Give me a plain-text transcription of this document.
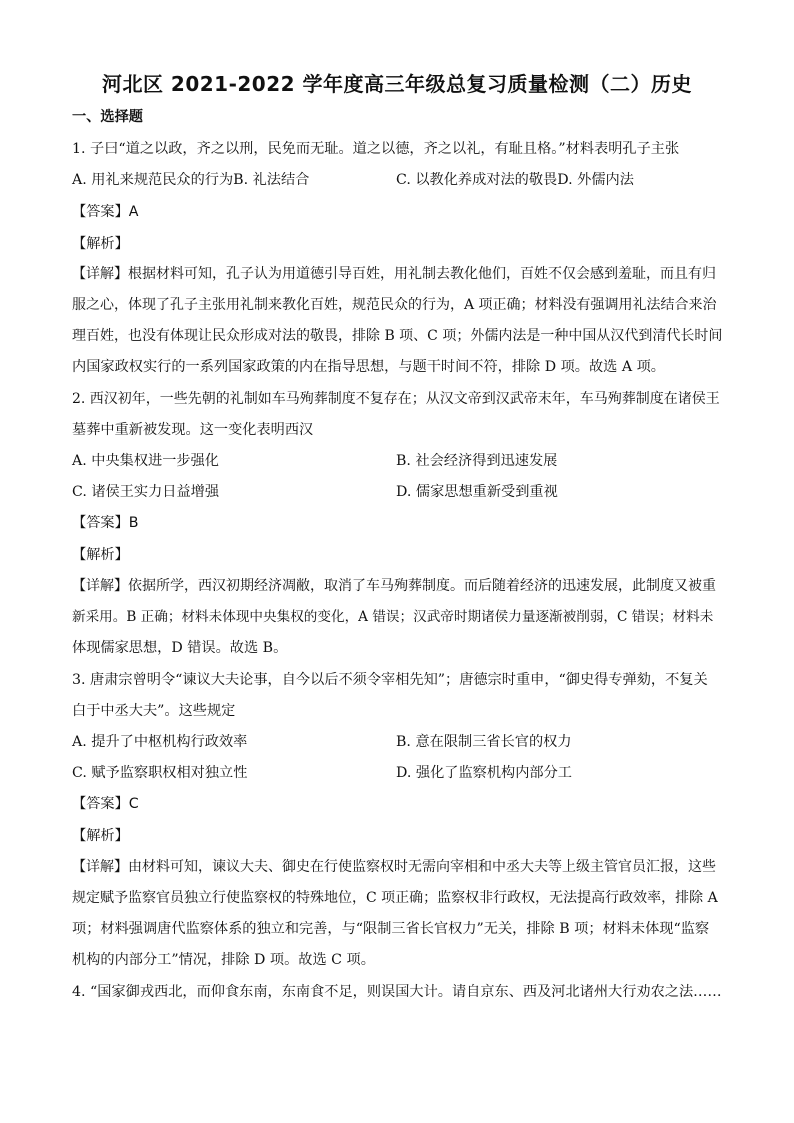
河北区 2021-2022 学年度高三年级总复习质量检测（二）历史
一、选择题
1. 子曰“道之以政，齐之以刑，民免而无耻。道之以德，齐之以礼，有耻且格。”材料表明孔子主张
A. 用礼来规范民众的行为B. 礼法结合	C. 以教化养成对法的敬畏D. 外儒内法
【答案】A
【解析】
【详解】根据材料可知，孔子认为用道德引导百姓，用礼制去教化他们，百姓不仅会感到羞耻，而且有归
服之心，体现了孔子主张用礼制来教化百姓，规范民众的行为，A 项正确；材料没有强调用礼法结合来治
理百姓，也没有体现让民众形成对法的敬畏，排除 B 项、C 项；外儒内法是一种中国从汉代到清代长时间
内国家政权实行的一系列国家政策的内在指导思想，与题干时间不符，排除 D 项。故选 A 项。
2. 西汉初年，一些先朝的礼制如车马殉葬制度不复存在；从汉文帝到汉武帝末年，车马殉葬制度在诸侯王
墓葬中重新被发现。这一变化表明西汉
A. 中央集权进一步强化	B. 社会经济得到迅速发展
C. 诸侯王实力日益增强	D. 儒家思想重新受到重视
【答案】B
【解析】
【详解】依据所学，西汉初期经济凋敝，取消了车马殉葬制度。而后随着经济的迅速发展，此制度又被重
新采用。B 正确；材料未体现中央集权的变化，A 错误；汉武帝时期诸侯力量逐渐被削弱，C 错误；材料未
体现儒家思想，D 错误。故选 B。
3. 唐肃宗曾明令“谏议大夫论事，自今以后不须令宰相先知”；唐德宗时重申，“御史得专弹劾，不复关
白于中丞大夫”。这些规定
A. 提升了中枢机构行政效率	B. 意在限制三省长官的权力
C. 赋予监察职权相对独立性	D. 强化了监察机构内部分工
【答案】C
【解析】
【详解】由材料可知，谏议大夫、御史在行使监察权时无需向宰相和中丞大夫等上级主管官员汇报，这些
规定赋予监察官员独立行使监察权的特殊地位，C 项正确；监察权非行政权，无法提高行政效率，排除 A
项；材料强调唐代监察体系的独立和完善，与“限制三省长官权力”无关，排除 B 项；材料未体现“监察
机构的内部分工”情况，排除 D 项。故选 C 项。
4. “国家御戎西北，而仰食东南，东南食不足，则误国大计。请自京东、西及河北诸州大行劝农之法……
